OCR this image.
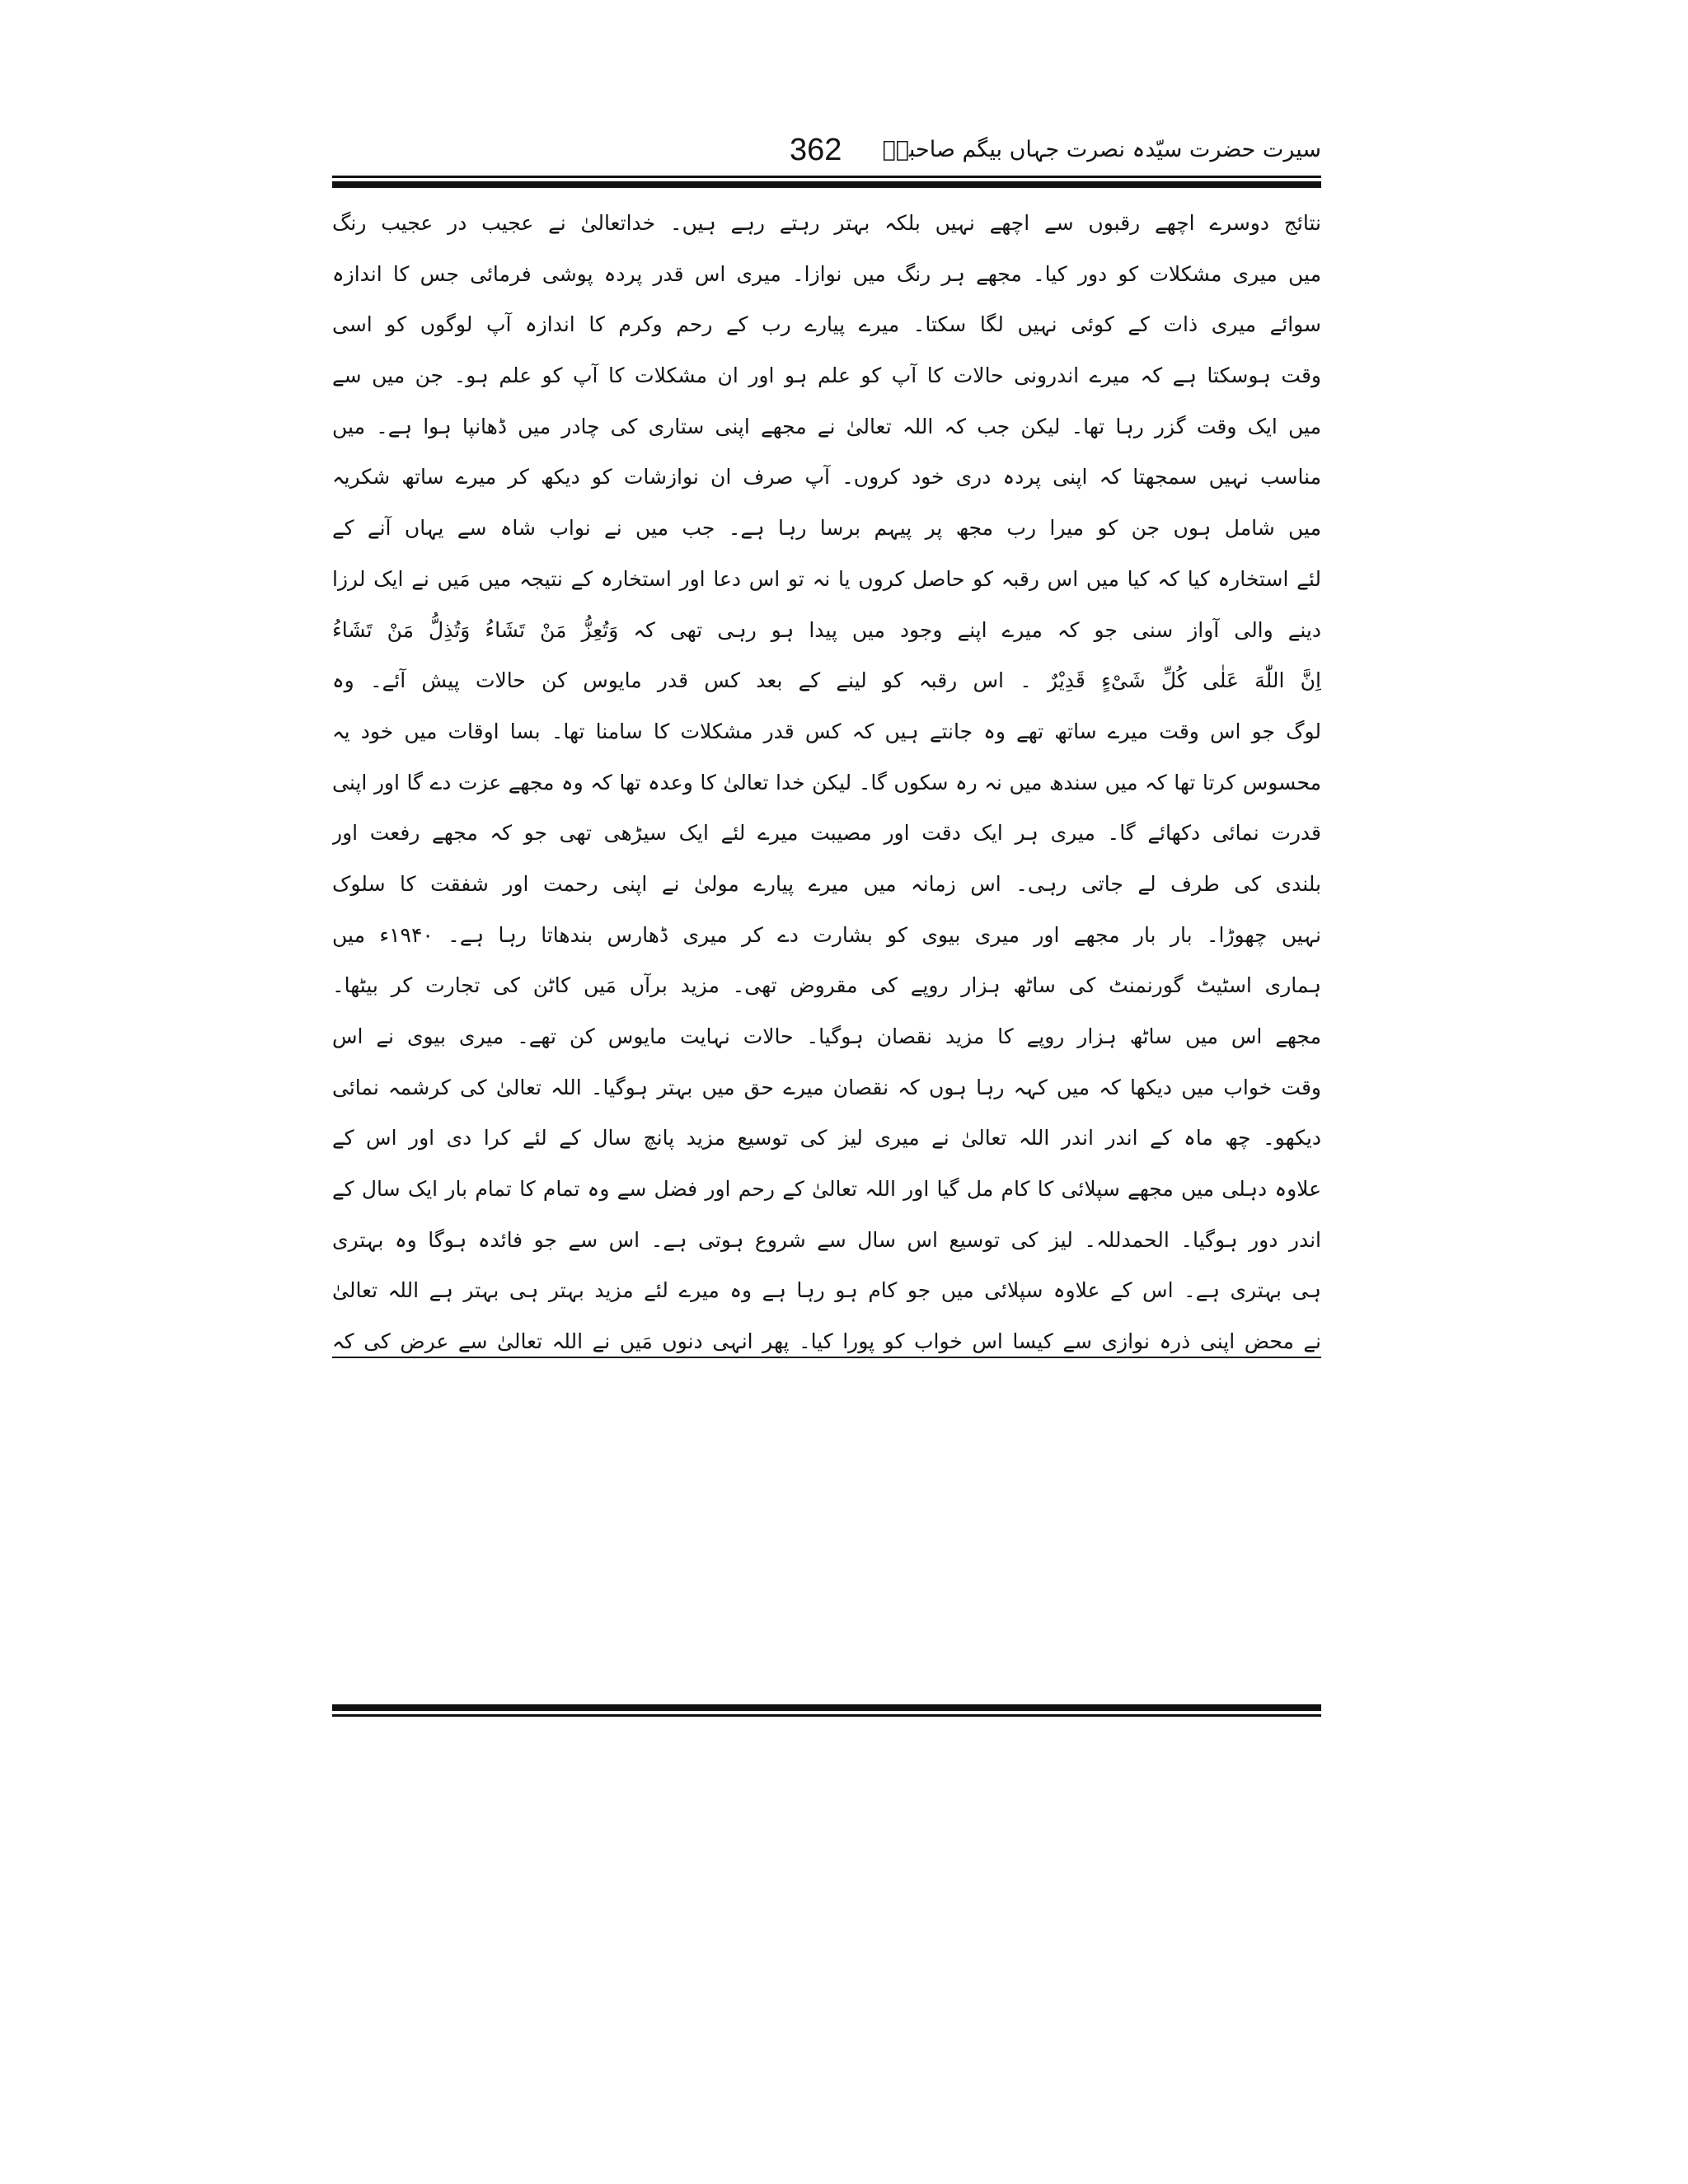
سیرت حضرت سیّدہ نصرت جہاں بیگم صاحبہؓ
362
نتائج دوسرے اچھے رقبوں سے اچھے نہیں بلکہ بہتر رہتے رہے ہیں۔ خداتعالیٰ نے عجیب در عجیب رنگ
میں میری مشکلات کو دور کیا۔ مجھے ہر رنگ میں نوازا۔ میری اس قدر پردہ پوشی فرمائی جس کا اندازہ
سوائے میری ذات کے کوئی نہیں لگا سکتا۔ میرے پیارے رب کے رحم وکرم کا اندازہ آپ لوگوں کو اسی
وقت ہوسکتا ہے کہ میرے اندرونی حالات کا آپ کو علم ہو اور ان مشکلات کا آپ کو علم ہو۔ جن میں سے
میں ایک وقت گزر رہا تھا۔ لیکن جب کہ اللہ تعالیٰ نے مجھے اپنی ستاری کی چادر میں ڈھانپا ہوا ہے۔ میں
مناسب نہیں سمجھتا کہ اپنی پردہ دری خود کروں۔ آپ صرف ان نوازشات کو دیکھ کر میرے ساتھ شکریہ
میں شامل ہوں جن کو میرا رب مجھ پر پیہم برسا رہا ہے۔ جب میں نے نواب شاہ سے یہاں آنے کے
لئے استخارہ کیا کہ کیا میں اس رقبہ کو حاصل کروں یا نہ تو اس دعا اور استخارہ کے نتیجہ میں مَیں نے ایک لرزا
دینے والی آواز سنی جو کہ میرے اپنے وجود میں پیدا ہو رہی تھی کہ وَتُعِزُّ مَنْ تَشَاءُ وَتُذِلُّ مَنْ تَشَاءُ
اِنَّ اللّٰهَ عَلٰی كُلِّ شَیْءٍ قَدِیْرٌ ۔ اس رقبہ کو لینے کے بعد کس قدر مایوس کن حالات پیش آئے۔ وہ
لوگ جو اس وقت میرے ساتھ تھے وہ جانتے ہیں کہ کس قدر مشکلات کا سامنا تھا۔ بسا اوقات میں خود یہ
محسوس کرتا تھا کہ میں سندھ میں نہ رہ سکوں گا۔ لیکن خدا تعالیٰ کا وعدہ تھا کہ وہ مجھے عزت دے گا اور اپنی
قدرت نمائی دکھائے گا۔ میری ہر ایک دقت اور مصیبت میرے لئے ایک سیڑھی تھی جو کہ مجھے رفعت اور
بلندی کی طرف لے جاتی رہی۔ اس زمانہ میں میرے پیارے مولیٰ نے اپنی رحمت اور شفقت کا سلوک
نہیں چھوڑا۔ بار بار مجھے اور میری بیوی کو بشارت دے کر میری ڈھارس بندھاتا رہا ہے۔ ۱۹۴۰ء میں
ہماری اسٹیٹ گورنمنٹ کی ساٹھ ہزار روپے کی مقروض تھی۔ مزید برآں مَیں کاٹن کی تجارت کر بیٹھا۔
مجھے اس میں ساٹھ ہزار روپے کا مزید نقصان ہوگیا۔ حالات نہایت مایوس کن تھے۔ میری بیوی نے اس
وقت خواب میں دیکھا کہ میں کہہ رہا ہوں کہ نقصان میرے حق میں بہتر ہوگیا۔ اللہ تعالیٰ کی کرشمہ نمائی
دیکھو۔ چھ ماہ کے اندر اندر اللہ تعالیٰ نے میری لیز کی توسیع مزید پانچ سال کے لئے کرا دی اور اس کے
علاوہ دہلی میں مجھے سپلائی کا کام مل گیا اور اللہ تعالیٰ کے رحم اور فضل سے وہ تمام کا تمام بار ایک سال کے
اندر دور ہوگیا۔ الحمدللہ۔ لیز کی توسیع اس سال سے شروع ہوتی ہے۔ اس سے جو فائدہ ہوگا وہ بہتری
ہی بہتری ہے۔ اس کے علاوہ سپلائی میں جو کام ہو رہا ہے وہ میرے لئے مزید بہتر ہی بہتر ہے اللہ تعالیٰ
نے محض اپنی ذرہ نوازی سے کیسا اس خواب کو پورا کیا۔ پھر انہی دنوں مَیں نے اللہ تعالیٰ سے عرض کی کہ
